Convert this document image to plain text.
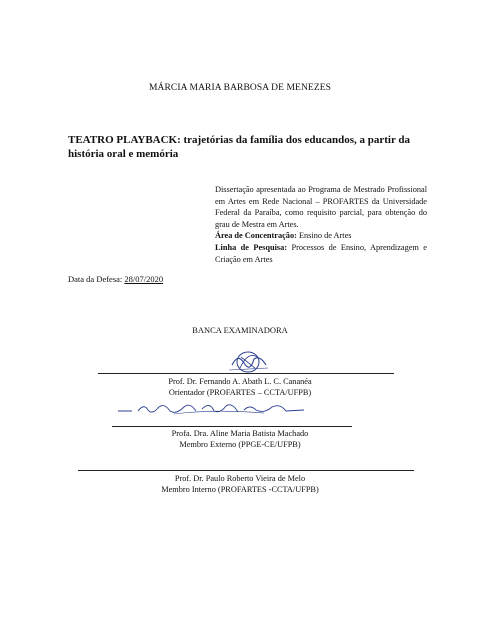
MÁRCIA MARIA BARBOSA DE MENEZES
TEATRO PLAYBACK: trajetórias da família dos educandos, a partir da história oral e memória
Dissertação apresentada ao Programa de Mestrado Profissional em Artes em Rede Nacional – PROFARTES da Universidade Federal da Paraíba, como requisito parcial, para obtenção do grau de Mestra em Artes.
Área de Concentração: Ensino de Artes
Linha de Pesquisa: Processos de Ensino, Aprendizagem e Criação em Artes
Data da Defesa: 28/07/2020
BANCA EXAMINADORA
Prof. Dr. Fernando A. Abath L. C. Cananéa
Orientador (PROFARTES – CCTA/UFPB)
Profa. Dra. Aline Maria Batista Machado
Membro Externo (PPGE-CE/UFPB)
Prof. Dr. Paulo Roberto Vieira de Melo
Membro Interno (PROFARTES -CCTA/UFPB)
